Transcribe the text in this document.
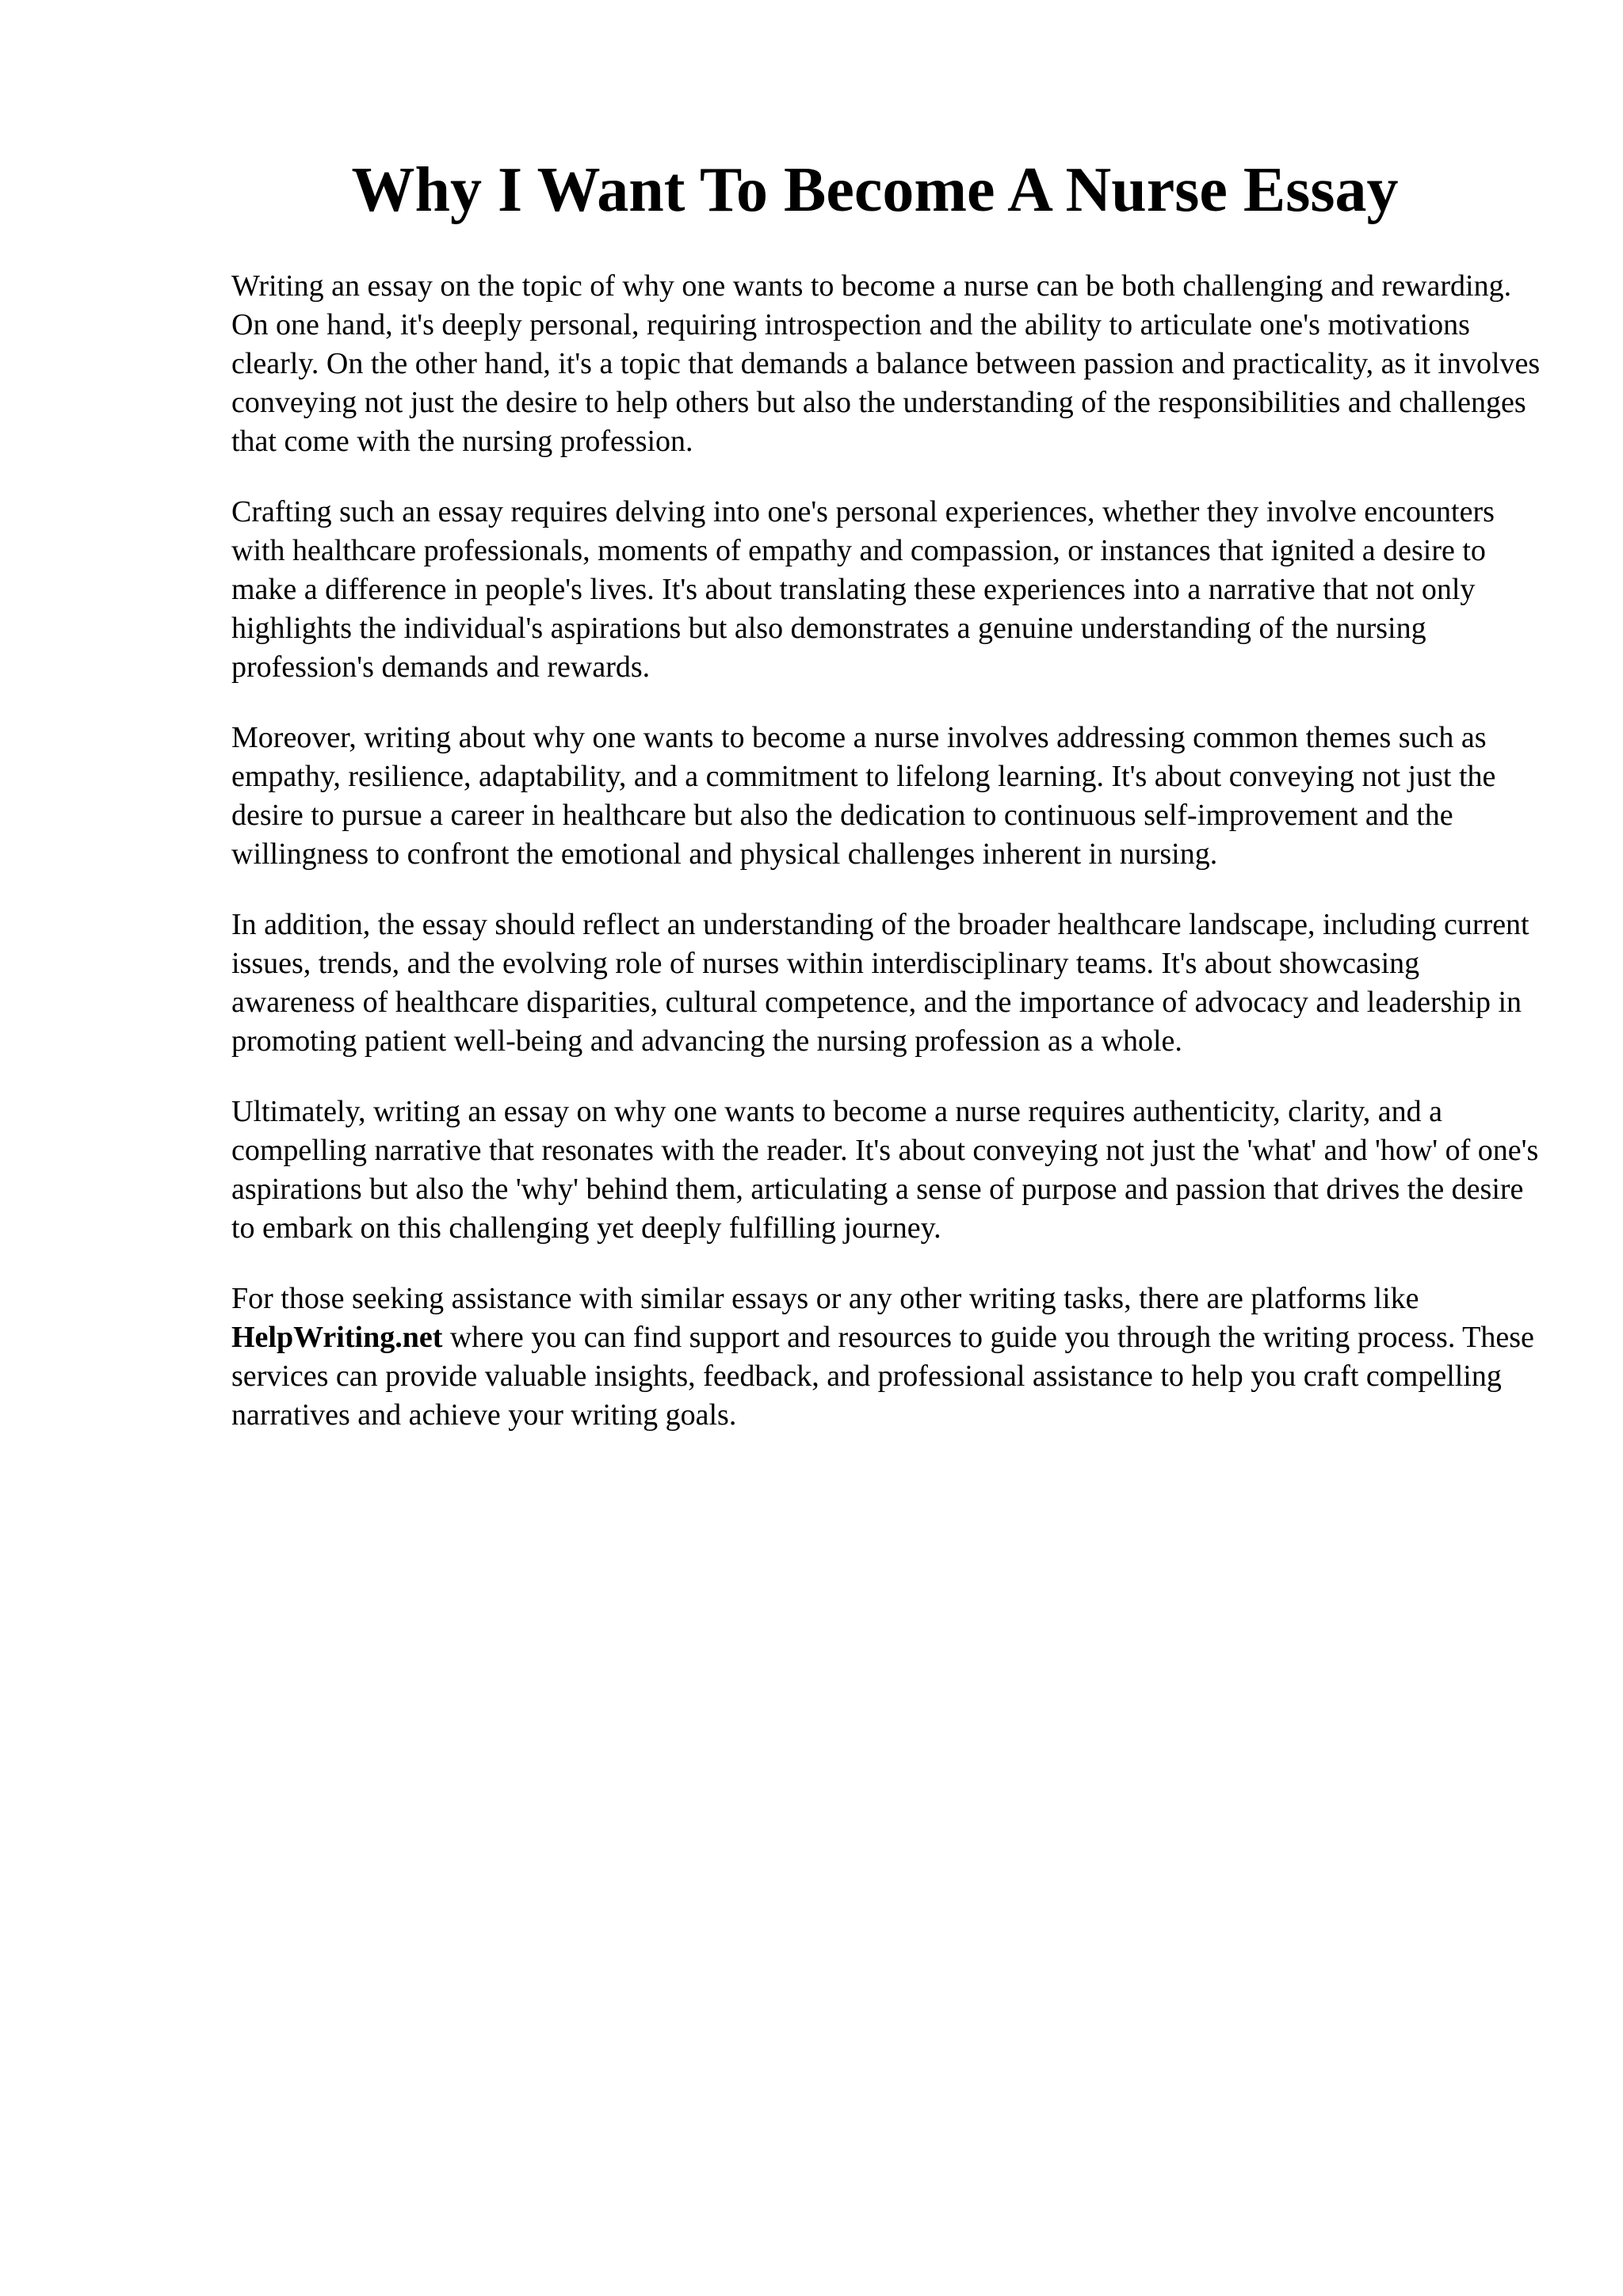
Why I Want To Become A Nurse Essay

Writing an essay on the topic of why one wants to become a nurse can be both challenging and rewarding. On one hand, it's deeply personal, requiring introspection and the ability to articulate one's motivations clearly. On the other hand, it's a topic that demands a balance between passion and practicality, as it involves conveying not just the desire to help others but also the understanding of the responsibilities and challenges that come with the nursing profession.

Crafting such an essay requires delving into one's personal experiences, whether they involve encounters with healthcare professionals, moments of empathy and compassion, or instances that ignited a desire to make a difference in people's lives. It's about translating these experiences into a narrative that not only highlights the individual's aspirations but also demonstrates a genuine understanding of the nursing profession's demands and rewards.

Moreover, writing about why one wants to become a nurse involves addressing common themes such as empathy, resilience, adaptability, and a commitment to lifelong learning. It's about conveying not just the desire to pursue a career in healthcare but also the dedication to continuous self-improvement and the willingness to confront the emotional and physical challenges inherent in nursing.

In addition, the essay should reflect an understanding of the broader healthcare landscape, including current issues, trends, and the evolving role of nurses within interdisciplinary teams. It's about showcasing awareness of healthcare disparities, cultural competence, and the importance of advocacy and leadership in promoting patient well-being and advancing the nursing profession as a whole.

Ultimately, writing an essay on why one wants to become a nurse requires authenticity, clarity, and a compelling narrative that resonates with the reader. It's about conveying not just the 'what' and 'how' of one's aspirations but also the 'why' behind them, articulating a sense of purpose and passion that drives the desire to embark on this challenging yet deeply fulfilling journey.

For those seeking assistance with similar essays or any other writing tasks, there are platforms like HelpWriting.net where you can find support and resources to guide you through the writing process. These services can provide valuable insights, feedback, and professional assistance to help you craft compelling narratives and achieve your writing goals.
